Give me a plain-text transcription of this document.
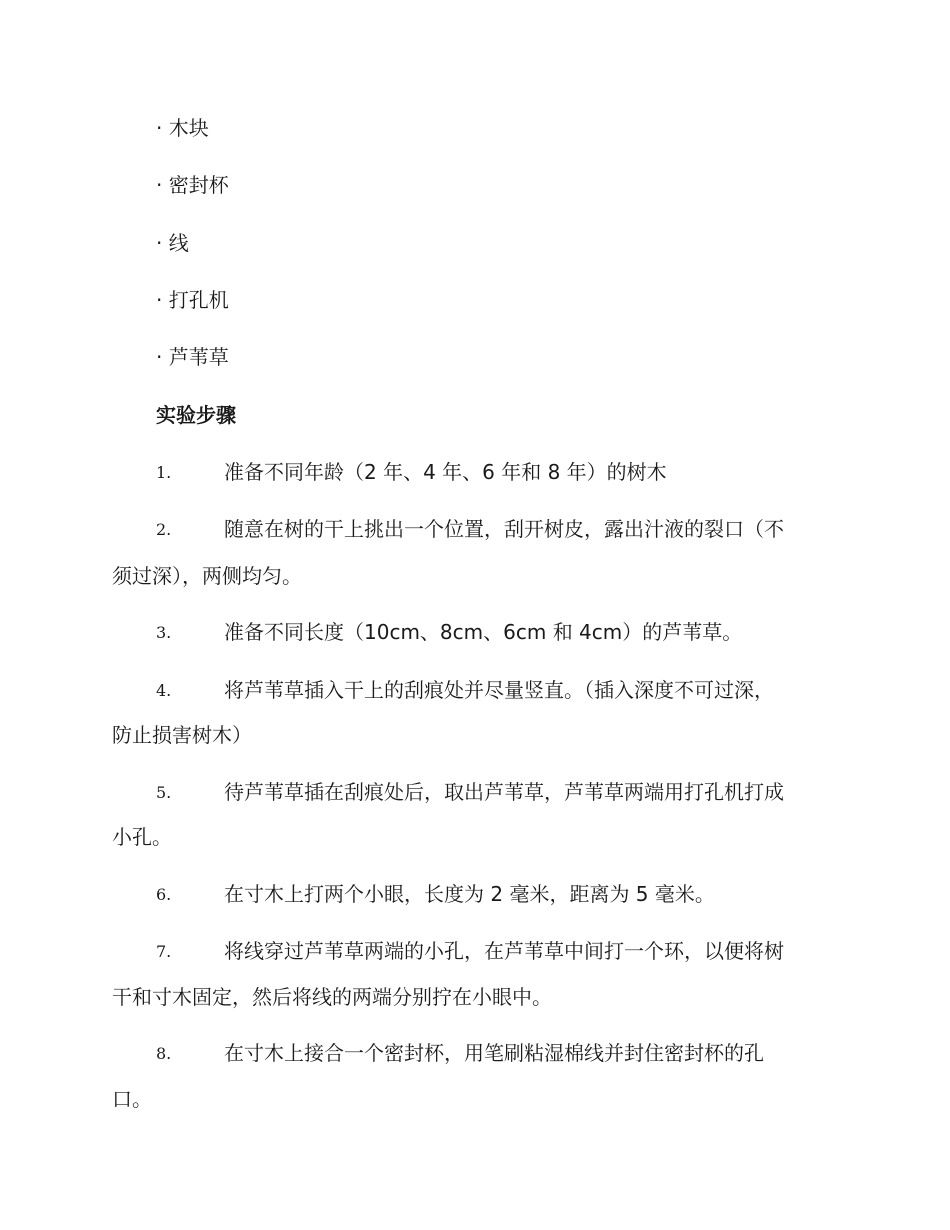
· 木块

· 密封杯

· 线

· 打孔机

· 芦苇草

实验步骤

1.	准备不同年龄（2 年、4 年、6 年和 8 年）的树木

2.	随意在树的干上挑出一个位置，刮开树皮，露出汁液的裂口（不

须过深），两侧均匀。

3.	准备不同长度（10cm、8cm、6cm 和 4cm）的芦苇草。

4.	将芦苇草插入干上的刮痕处并尽量竖直。（插入深度不可过深，

防止损害树木）

5.	待芦苇草插在刮痕处后，取出芦苇草，芦苇草两端用打孔机打成

小孔。

6.	在寸木上打两个小眼，长度为 2 毫米，距离为 5 毫米。

7.	将线穿过芦苇草两端的小孔，在芦苇草中间打一个环，以便将树

干和寸木固定，然后将线的两端分别拧在小眼中。

8.	在寸木上接合一个密封杯，用笔刷粘湿棉线并封住密封杯的孔

口。
